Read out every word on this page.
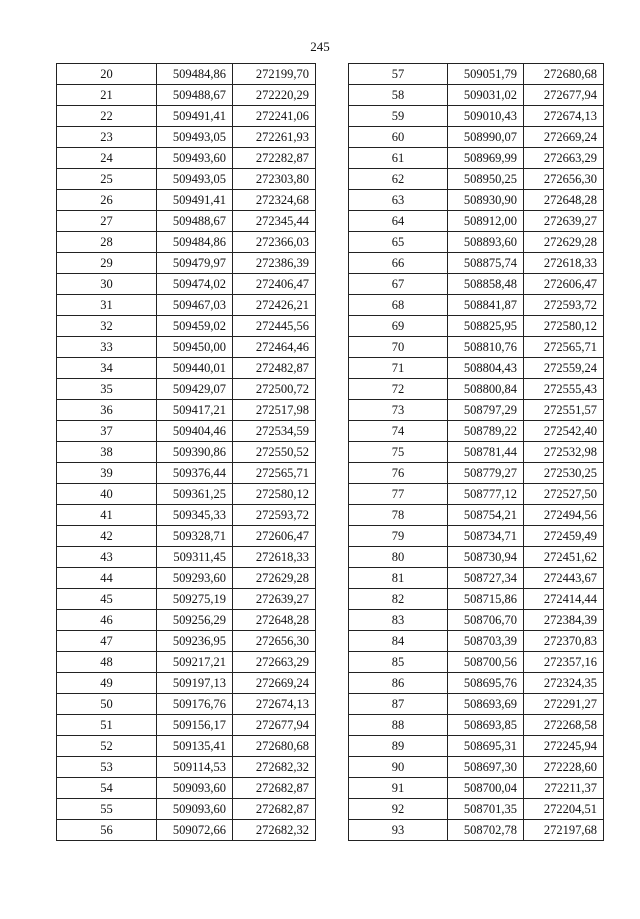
245
20	509484,86	272199,70
21	509488,67	272220,29
22	509491,41	272241,06
23	509493,05	272261,93
24	509493,60	272282,87
25	509493,05	272303,80
26	509491,41	272324,68
27	509488,67	272345,44
28	509484,86	272366,03
29	509479,97	272386,39
30	509474,02	272406,47
31	509467,03	272426,21
32	509459,02	272445,56
33	509450,00	272464,46
34	509440,01	272482,87
35	509429,07	272500,72
36	509417,21	272517,98
37	509404,46	272534,59
38	509390,86	272550,52
39	509376,44	272565,71
40	509361,25	272580,12
41	509345,33	272593,72
42	509328,71	272606,47
43	509311,45	272618,33
44	509293,60	272629,28
45	509275,19	272639,27
46	509256,29	272648,28
47	509236,95	272656,30
48	509217,21	272663,29
49	509197,13	272669,24
50	509176,76	272674,13
51	509156,17	272677,94
52	509135,41	272680,68
53	509114,53	272682,32
54	509093,60	272682,87
55	509093,60	272682,87
56	509072,66	272682,32
57	509051,79	272680,68
58	509031,02	272677,94
59	509010,43	272674,13
60	508990,07	272669,24
61	508969,99	272663,29
62	508950,25	272656,30
63	508930,90	272648,28
64	508912,00	272639,27
65	508893,60	272629,28
66	508875,74	272618,33
67	508858,48	272606,47
68	508841,87	272593,72
69	508825,95	272580,12
70	508810,76	272565,71
71	508804,43	272559,24
72	508800,84	272555,43
73	508797,29	272551,57
74	508789,22	272542,40
75	508781,44	272532,98
76	508779,27	272530,25
77	508777,12	272527,50
78	508754,21	272494,56
79	508734,71	272459,49
80	508730,94	272451,62
81	508727,34	272443,67
82	508715,86	272414,44
83	508706,70	272384,39
84	508703,39	272370,83
85	508700,56	272357,16
86	508695,76	272324,35
87	508693,69	272291,27
88	508693,85	272268,58
89	508695,31	272245,94
90	508697,30	272228,60
91	508700,04	272211,37
92	508701,35	272204,51
93	508702,78	272197,68
